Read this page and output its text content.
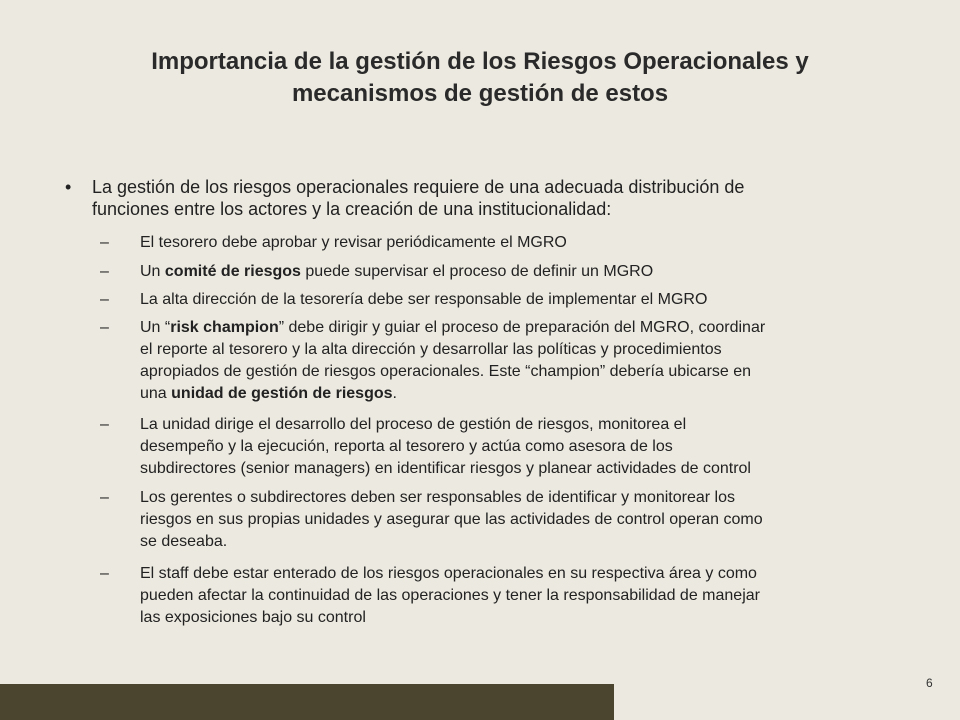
Importancia de la gestión de los Riesgos Operacionales y
mecanismos de gestión de estos
• La gestión de los riesgos operacionales requiere de una adecuada distribución de
funciones entre los actores y la creación de una institucionalidad:
– El tesorero debe aprobar y revisar periódicamente el MGRO
– Un comité de riesgos puede supervisar el proceso de definir un MGRO
– La alta dirección de la tesorería debe ser responsable de implementar el MGRO
– Un “risk champion” debe dirigir y guiar el proceso de preparación del MGRO, coordinar
el reporte al tesorero y la alta dirección y desarrollar las políticas y procedimientos
apropiados de gestión de riesgos operacionales. Este “champion” debería ubicarse en
una unidad de gestión de riesgos.
– La unidad dirige el desarrollo del proceso de gestión de riesgos, monitorea el
desempeño y la ejecución, reporta al tesorero y actúa como asesora de los
subdirectores (senior managers) en identificar riesgos y planear actividades de control
– Los gerentes o subdirectores deben ser responsables de identificar y monitorear los
riesgos en sus propias unidades y asegurar que las actividades de control operan como
se deseaba.
– El staff debe estar enterado de los riesgos operacionales en su respectiva área y como
pueden afectar la continuidad de las operaciones y tener la responsabilidad de manejar
las exposiciones bajo su control
6
